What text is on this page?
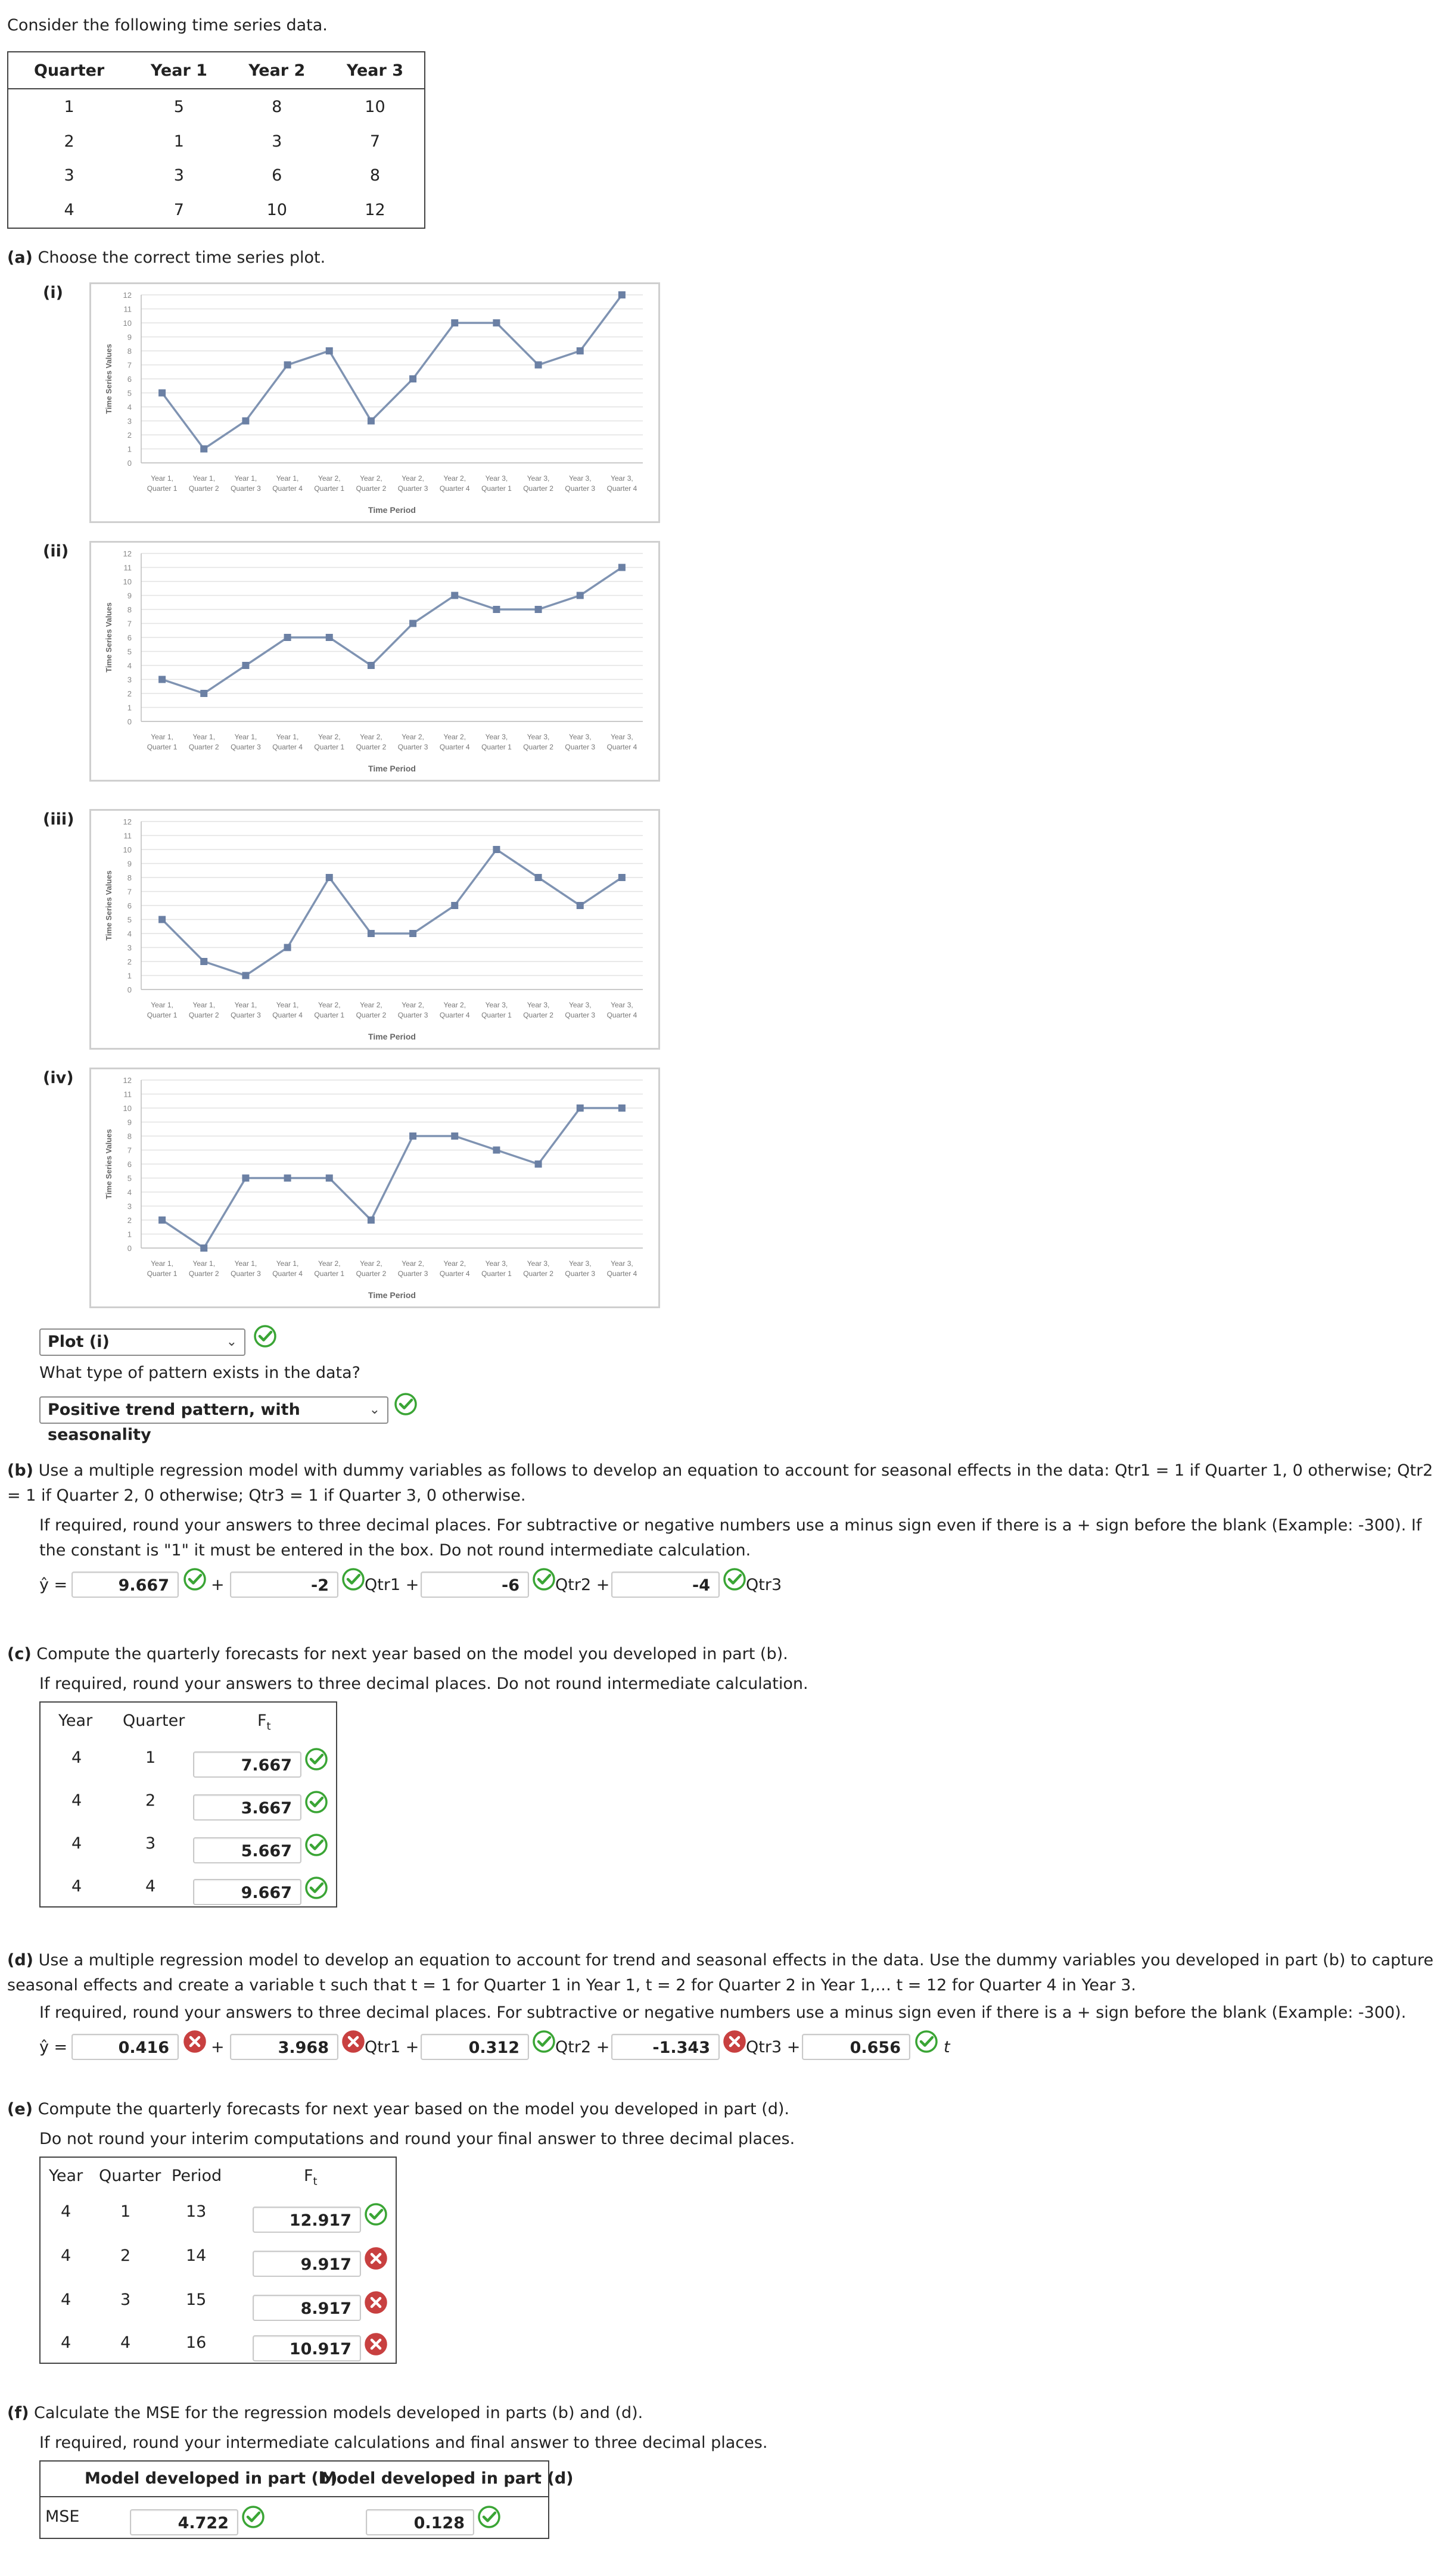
Consider the following time series data.
Quarter	Year 1	Year 2	Year 3
1	5	8	10
2	1	3	7
3	3	6	8
4	7	10	12
(a) Choose the correct time series plot.
(i)
0
1
2
3
4
5
6
7
8
9
10
11
12
Year 1,
Quarter 1
Year 1,
Quarter 2
Year 1,
Quarter 3
Year 1,
Quarter 4
Year 2,
Quarter 1
Year 2,
Quarter 2
Year 2,
Quarter 3
Year 2,
Quarter 4
Year 3,
Quarter 1
Year 3,
Quarter 2
Year 3,
Quarter 3
Year 3,
Quarter 4
Time Period
Time Series Values
(ii)
0
1
2
3
4
5
6
7
8
9
10
11
12
Year 1,
Quarter 1
Year 1,
Quarter 2
Year 1,
Quarter 3
Year 1,
Quarter 4
Year 2,
Quarter 1
Year 2,
Quarter 2
Year 2,
Quarter 3
Year 2,
Quarter 4
Year 3,
Quarter 1
Year 3,
Quarter 2
Year 3,
Quarter 3
Year 3,
Quarter 4
Time Period
Time Series Values
(iii)
0
1
2
3
4
5
6
7
8
9
10
11
12
Year 1,
Quarter 1
Year 1,
Quarter 2
Year 1,
Quarter 3
Year 1,
Quarter 4
Year 2,
Quarter 1
Year 2,
Quarter 2
Year 2,
Quarter 3
Year 2,
Quarter 4
Year 3,
Quarter 1
Year 3,
Quarter 2
Year 3,
Quarter 3
Year 3,
Quarter 4
Time Period
Time Series Values
(iv)
0
1
2
3
4
5
6
7
8
9
10
11
12
Year 1,
Quarter 1
Year 1,
Quarter 2
Year 1,
Quarter 3
Year 1,
Quarter 4
Year 2,
Quarter 1
Year 2,
Quarter 2
Year 2,
Quarter 3
Year 2,
Quarter 4
Year 3,
Quarter 1
Year 3,
Quarter 2
Year 3,
Quarter 3
Year 3,
Quarter 4
Time Period
Time Series Values
Plot (i)	⌄
What type of pattern exists in the data?
Positive trend pattern, with seasonality
⌄
(b) Use a multiple regression model with dummy variables as follows to develop an equation to account for seasonal effects in the data: Qtr1 = 1 if Quarter 1, 0 otherwise; Qtr2 = 1 if Quarter 2, 0 otherwise; Qtr3 = 1 if Quarter 3, 0 otherwise.
If required, round your answers to three decimal places. For subtractive or negative numbers use a minus sign even if there is a + sign before the blank (Example: -300). If the constant is "1" it must be entered in the box. Do not round intermediate calculation.
ŷ =	9.667	+	-2	Qtr1 +	-6	Qtr2 +	-4	Qtr3
(c) Compute the quarterly forecasts for next year based on the model you developed in part (b).
If required, round your answers to three decimal places. Do not round intermediate calculation.
Year Quarter	$F_t$
4	1	7.667
4	2	3.667
4	3	5.667
4	4	9.667
(d) Use a multiple regression model to develop an equation to account for trend and seasonal effects in the data. Use the dummy variables you developed in part (b) to capture seasonal effects and create a variable t such that t = 1 for Quarter 1 in Year 1, t = 2 for Quarter 2 in Year 1,… t = 12 for Quarter 4 in Year 3.
If required, round your answers to three decimal places. For subtractive or negative numbers use a minus sign even if there is a + sign before the blank (Example: -300).
ŷ =	0.416	+	3.968	Qtr1 +	0.312	Qtr2 +	-1.343	Qtr3 +	0.656	t
(e) Compute the quarterly forecasts for next year based on the model you developed in part (d).
Do not round your interim computations and round your final answer to three decimal places.
Year Quarter Period	$F_t$
4	1	13	12.917
4	2	14	9.917
4	3	15	8.917
4	4	16	10.917
(f) Calculate the MSE for the regression models developed in parts (b) and (d).
If required, round your intermediate calculations and final answer to three decimal places.
Model developed in part (b)
Model developed in part (d)
MSE	4.722	0.128
